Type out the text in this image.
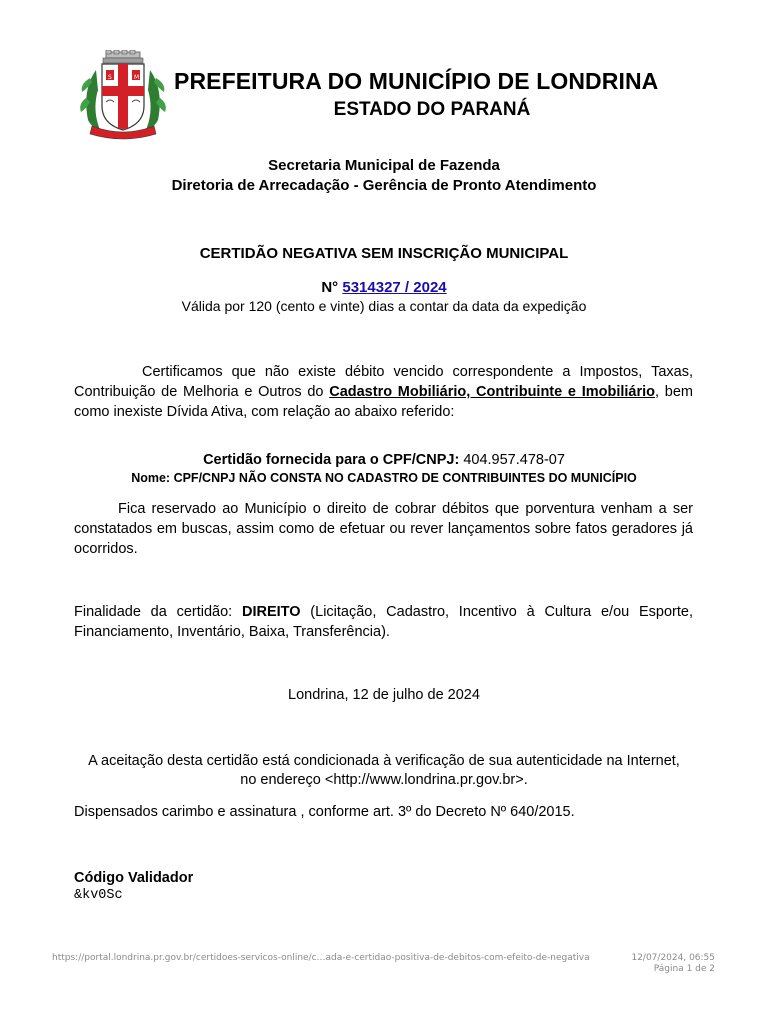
S	M PREFEITURA DO MUNICÍPIO DE LONDRINA
ESTADO DO PARANÁ
Secretaria Municipal de Fazenda
Diretoria de Arrecadação - Gerência de Pronto Atendimento
CERTIDÃO NEGATIVA SEM INSCRIÇÃO MUNICIPAL
N° 5314327 / 2024
Válida por 120 (cento e vinte) dias a contar da data da expedição
Certificamos que não existe débito vencido correspondente a Impostos, Taxas, Contribuição de Melhoria e Outros do Cadastro Mobiliário, Contribuinte e Imobiliário, bem como inexiste Dívida Ativa, com relação ao abaixo referido:
Certidão fornecida para o CPF/CNPJ: 404.957.478-07
Nome: CPF/CNPJ NÃO CONSTA NO CADASTRO DE CONTRIBUINTES DO MUNICÍPIO
Fica reservado ao Município o direito de cobrar débitos que porventura venham a ser constatados em buscas, assim como de efetuar ou rever lançamentos sobre fatos geradores já ocorridos.
Finalidade da certidão: DIREITO (Licitação, Cadastro, Incentivo à Cultura e/ou Esporte, Financiamento, Inventário, Baixa, Transferência).
Londrina, 12 de julho de 2024
A aceitação desta certidão está condicionada à verificação de sua autenticidade na Internet,
no endereço <http://www.londrina.pr.gov.br>.
Dispensados carimbo e assinatura , conforme art. 3º do Decreto Nº 640/2015.
Código Validador
&kv0Sc
https://portal.londrina.pr.gov.br/certidoes-servicos-online/c…ada-e-certidao-positiva-de-debitos-com-efeito-de-negativa	12/07/2024, 06:55
Página 1 de 2
